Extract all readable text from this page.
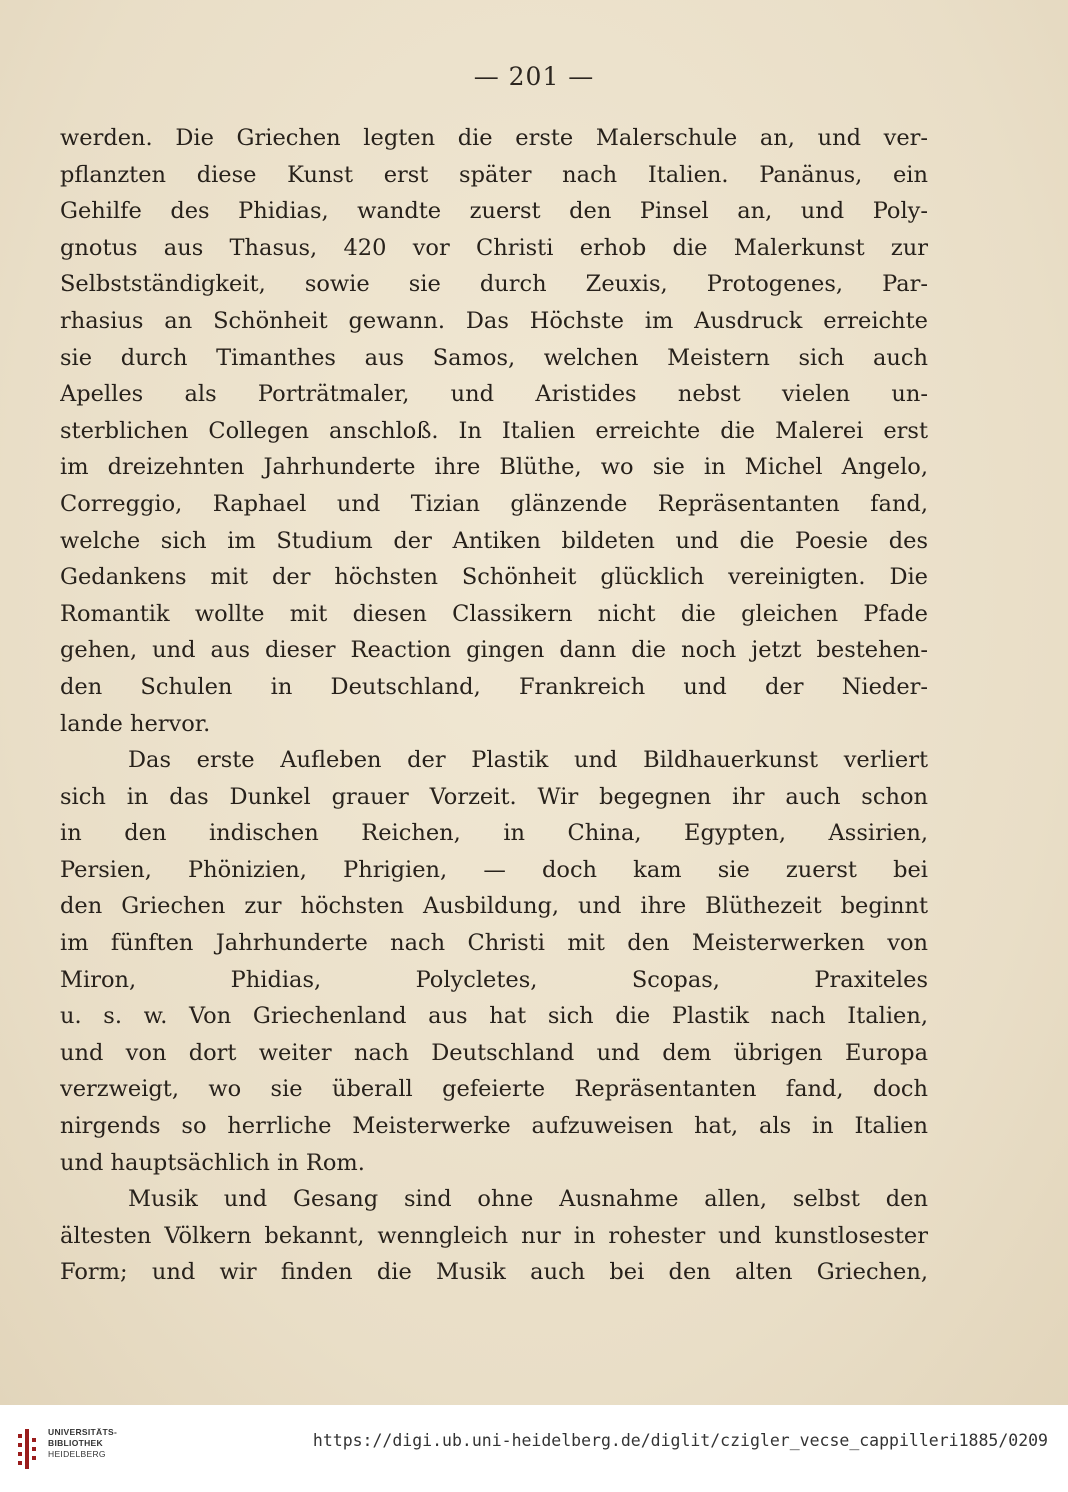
— 201 —
werden. Die Griechen legten die erste Malerschule an, und ver-
pflanzten diese Kunst erst später nach Italien. Panänus, ein
Gehilfe des Phidias, wandte zuerst den Pinsel an, und Poly-
gnotus aus Thasus, 420 vor Christi erhob die Malerkunst zur
Selbstständigkeit, sowie sie durch Zeuxis, Protogenes, Par-
rhasius an Schönheit gewann. Das Höchste im Ausdruck erreichte
sie durch Timanthes aus Samos, welchen Meistern sich auch
Apelles als Porträtmaler, und Aristides nebst vielen un-
sterblichen Collegen anschloß. In Italien erreichte die Malerei erst
im dreizehnten Jahrhunderte ihre Blüthe, wo sie in Michel Angelo,
Correggio, Raphael und Tizian glänzende Repräsentanten fand,
welche sich im Studium der Antiken bildeten und die Poesie des
Gedankens mit der höchsten Schönheit glücklich vereinigten. Die
Romantik wollte mit diesen Classikern nicht die gleichen Pfade
gehen, und aus dieser Reaction gingen dann die noch jetzt bestehen-
den Schulen in Deutschland, Frankreich und der Nieder-
lande hervor.
Das erste Aufleben der Plastik und Bildhauerkunst verliert
sich in das Dunkel grauer Vorzeit. Wir begegnen ihr auch schon
in den indischen Reichen, in China, Egypten, Assirien,
Persien, Phönizien, Phrigien, — doch kam sie zuerst bei
den Griechen zur höchsten Ausbildung, und ihre Blüthezeit beginnt
im fünften Jahrhunderte nach Christi mit den Meisterwerken von
Miron, Phidias, Polycletes, Scopas, Praxiteles
u. s. w. Von Griechenland aus hat sich die Plastik nach Italien,
und von dort weiter nach Deutschland und dem übrigen Europa
verzweigt, wo sie überall gefeierte Repräsentanten fand, doch
nirgends so herrliche Meisterwerke aufzuweisen hat, als in Italien
und hauptsächlich in Rom.
Musik und Gesang sind ohne Ausnahme allen, selbst den
ältesten Völkern bekannt, wenngleich nur in rohester und kunstlosester
Form; und wir finden die Musik auch bei den alten Griechen,
UNIVERSITÄTS-
BIBLIOTHEK
HEIDELBERG
https://digi.ub.uni-heidelberg.de/diglit/czigler_vecse_cappilleri1885/0209
